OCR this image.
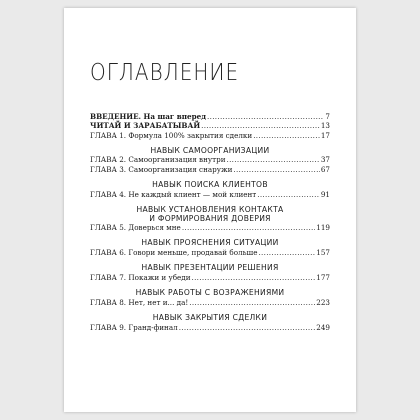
ОГЛАВЛЕНИЕ
ВВЕДЕНИЕ. На шаг вперед .....	7
ЧИТАЙ И ЗАРАБАТЫВАЙ .....	13
ГЛАВА 1. Формула 100% закрытия сделки .....	17
НАВЫК САМООРГАНИЗАЦИИ
ГЛАВА 2. Самоорганизация внутри .....	37
ГЛАВА 3. Самоорганизация снаружи .....	67
НАВЫК ПОИСКА КЛИЕНТОВ
ГЛАВА 4. Не каждый клиент — мой клиент .....	91
НАВЫК УСТАНОВЛЕНИЯ КОНТАКТА
И ФОРМИРОВАНИЯ ДОВЕРИЯ
ГЛАВА 5. Доверься мне .....	119
НАВЫК ПРОЯСНЕНИЯ СИТУАЦИИ
ГЛАВА 6. Говори меньше, продавай больше .....	157
НАВЫК ПРЕЗЕНТАЦИИ РЕШЕНИЯ
ГЛАВА 7. Покажи и убеди .....	177
НАВЫК РАБОТЫ С ВОЗРАЖЕНИЯМИ
ГЛАВА 8. Нет, нет и... да! .....	223
НАВЫК ЗАКРЫТИЯ СДЕЛКИ
ГЛАВА 9. Гранд-финал .....	249
